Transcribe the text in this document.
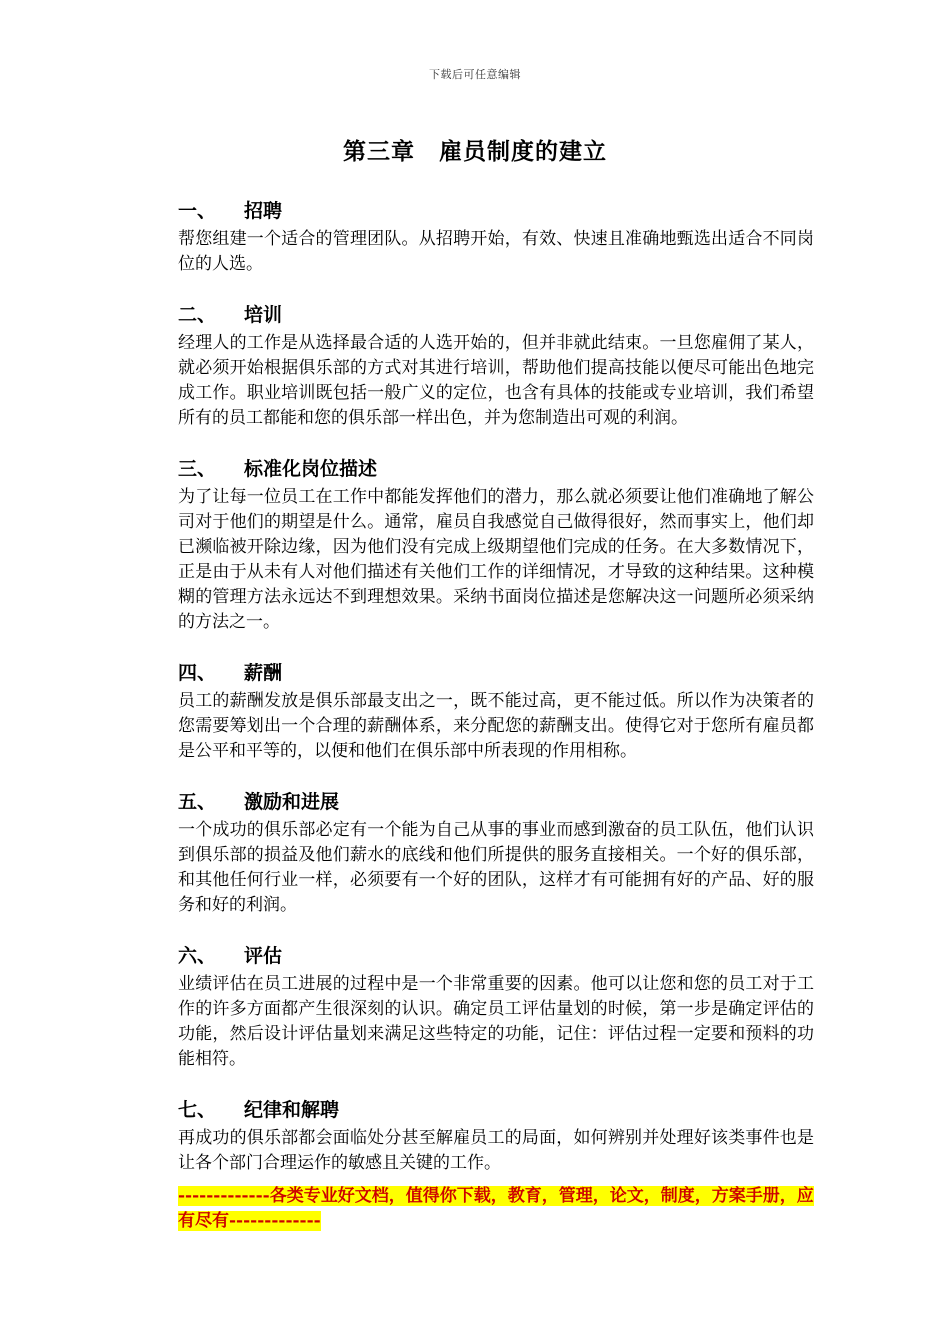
下载后可任意编辑
第三章　雇员制度的建立
一、	招聘

帮您组建一个适合的管理团队。从招聘开始，有效、快速且准确地甄选出适合不同岗位的人选。

二、	培训

经理人的工作是从选择最合适的人选开始的，但并非就此结束。一旦您雇佣了某人，就必须开始根据俱乐部的方式对其进行培训，帮助他们提高技能以便尽可能出色地完成工作。职业培训既包括一般广义的定位，也含有具体的技能或专业培训，我们希望所有的员工都能和您的俱乐部一样出色，并为您制造出可观的利润。

三、	标准化岗位描述

为了让每一位员工在工作中都能发挥他们的潜力，那么就必须要让他们准确地了解公司对于他们的期望是什么。通常，雇员自我感觉自己做得很好，然而事实上，他们却已濒临被开除边缘，因为他们没有完成上级期望他们完成的任务。在大多数情况下，正是由于从未有人对他们描述有关他们工作的详细情况，才导致的这种结果。这种模糊的管理方法永远达不到理想效果。采纳书面岗位描述是您解决这一问题所必须采纳的方法之一。

四、	薪酬

员工的薪酬发放是俱乐部最支出之一，既不能过高，更不能过低。所以作为决策者的您需要筹划出一个合理的薪酬体系，来分配您的薪酬支出。使得它对于您所有雇员都是公平和平等的，以便和他们在俱乐部中所表现的作用相称。

五、	激励和进展

一个成功的俱乐部必定有一个能为自己从事的事业而感到激奋的员工队伍，他们认识到俱乐部的损益及他们薪水的底线和他们所提供的服务直接相关。一个好的俱乐部，和其他任何行业一样，必须要有一个好的团队，这样才有可能拥有好的产品、好的服务和好的利润。

六、	评估

业绩评估在员工进展的过程中是一个非常重要的因素。他可以让您和您的员工对于工作的许多方面都产生很深刻的认识。确定员工评估量划的时候，第一步是确定评估的功能，然后设计评估量划来满足这些特定的功能，记住：评估过程一定要和预料的功能相符。

七、	纪律和解聘

再成功的俱乐部都会面临处分甚至解雇员工的局面，如何辨别并处理好该类事件也是让各个部门合理运作的敏感且关键的工作。

-------------各类专业好文档，值得你下载，教育，管理，论文，制度，方案手册，应有尽有-------------
